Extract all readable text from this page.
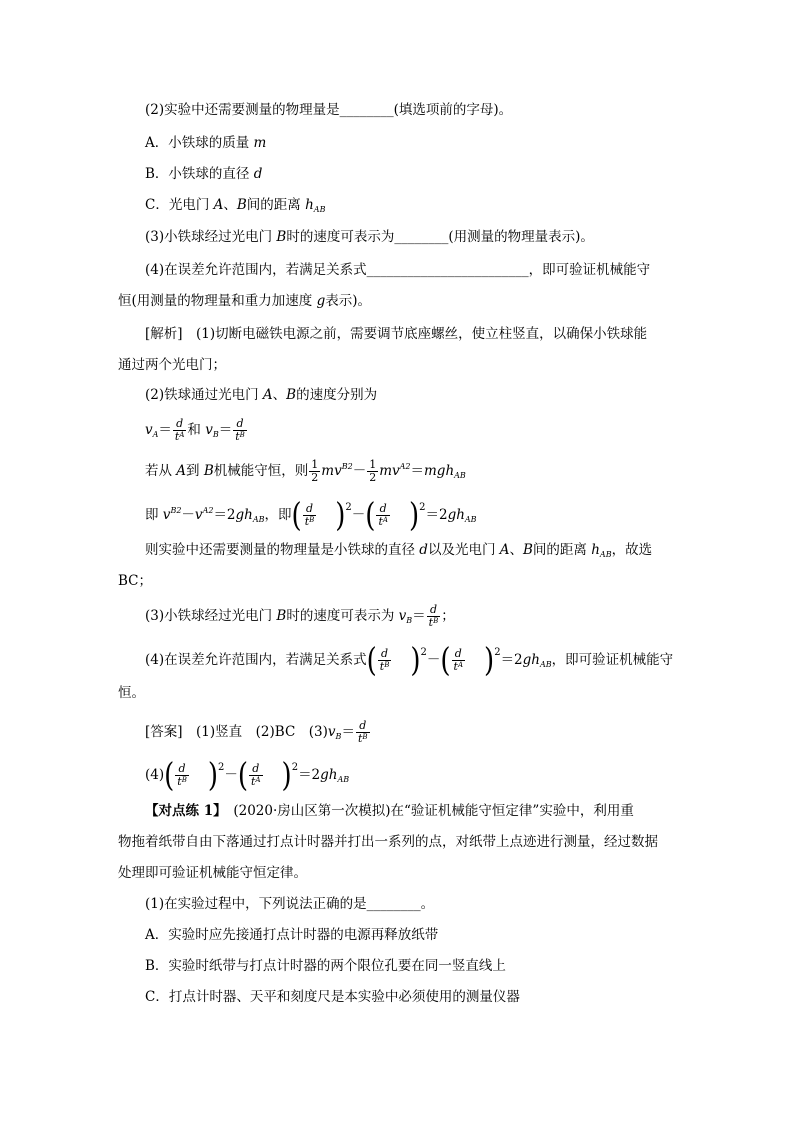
(2)实验中还需要测量的物理量是________(填选项前的字母)。
A．小铁球的质量 m
B．小铁球的直径 d
C．光电门 A、B间的距离 $h_{AB}$
(3)小铁球经过光电门 B时的速度可表示为________(用测量的物理量表示)。
(4)在误差允许范围内，若满足关系式________________________，即可验证机械能守
恒(用测量的物理量和重力加速度 g表示)。
[解析]　(1)切断电磁铁电源之前，需要调节底座螺丝，使立柱竖直，以确保小铁球能
通过两个光电门；
(2)铁球通过光电门 A、B的速度分别为
$v_A= \frac{d}{t^A}$ 和 $v_B= \frac{d}{t^B}$
若从 A到 B机械能守恒，则 $\frac{1}{2} mv^{B2}- \frac{1}{2} mv^{A2}=mgh_{AB}$
即 $v^{B2}-v^{A2}=2gh_{AB}$，即( $\frac{d}{t^B} )^2-( \frac{d}{t^A} )^2=2gh_{AB}$
则实验中还需要测量的物理量是小铁球的直径 d以及光电门 A、B间的距离 $h_{AB}$，故选
BC；
(3)小铁球经过光电门 B时的速度可表示为 $v_B= \frac{d}{t^B}$ ；
(4)在误差允许范围内，若满足关系式( $\frac{d}{t^B} )^2-( \frac{d}{t^A} )^2=2gh_{AB}$，即可验证机械能守
恒。
[答案]　(1)竖直　(2)BC　$(3)v_B= \frac{d}{t^B}$
$(4)( \frac{d}{t^B} )^2-( \frac{d}{t^A} )^2=2gh_{AB}$
【对点练 1】　(2020·房山区第一次模拟)在“验证机械能守恒定律”实验中，利用重
物拖着纸带自由下落通过打点计时器并打出一系列的点，对纸带上点迹进行测量，经过数据
处理即可验证机械能守恒定律。
(1)在实验过程中，下列说法正确的是________。
A．实验时应先接通打点计时器的电源再释放纸带
B．实验时纸带与打点计时器的两个限位孔要在同一竖直线上
C．打点计时器、天平和刻度尺是本实验中必须使用的测量仪器
